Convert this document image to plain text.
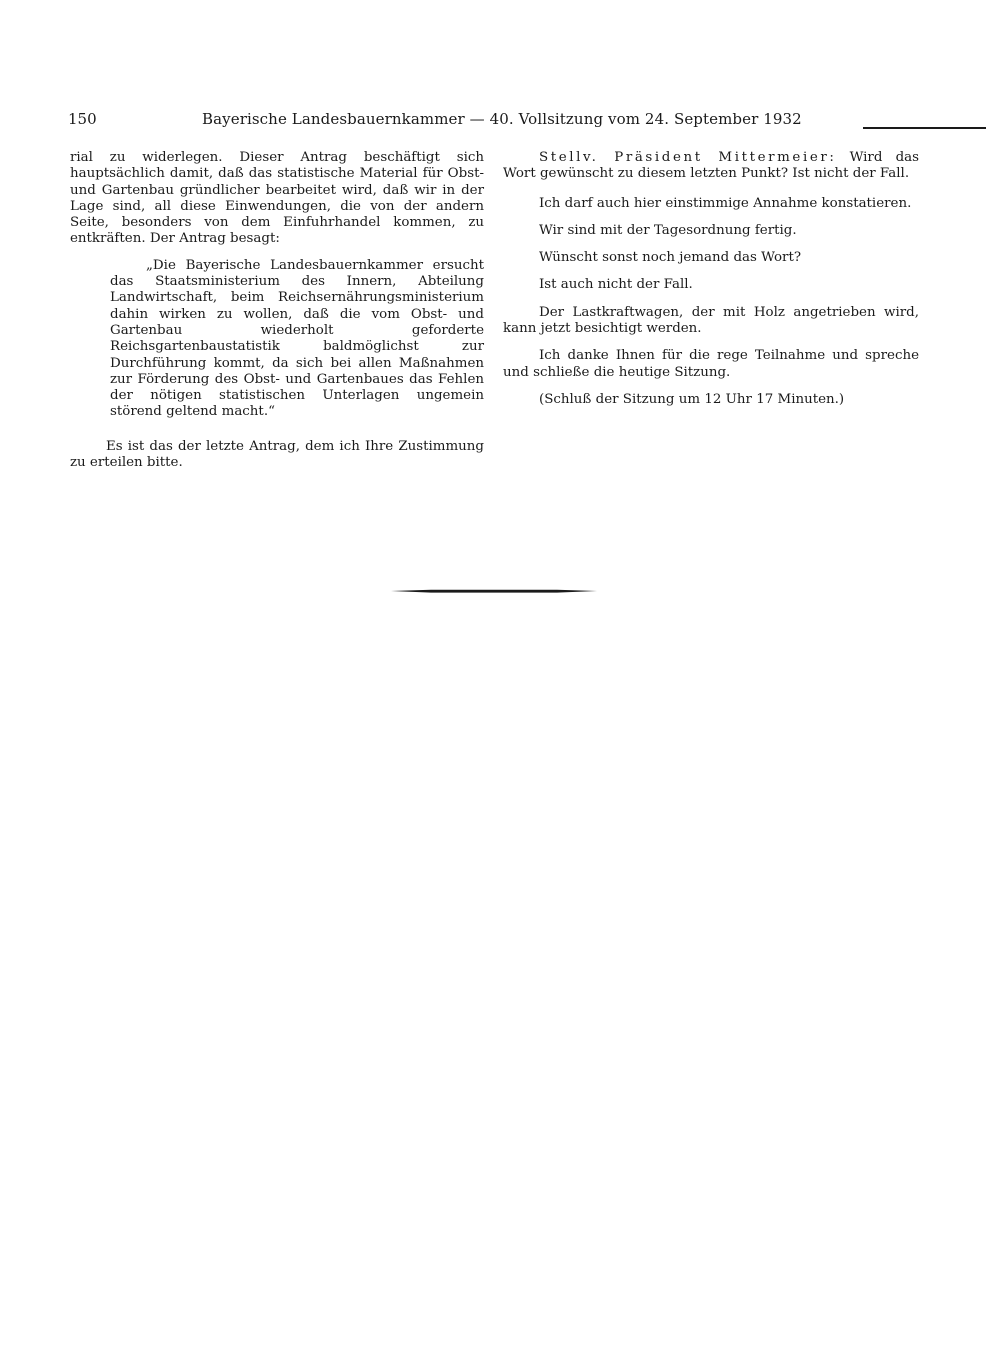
150	Bayerische Landesbauernkammer — 40. Vollsitzung vom 24. September 1932

rial zu widerlegen. Dieser Antrag beschäftigt sich hauptsächlich damit, daß das statistische Material für Obst- und Gartenbau gründlicher bearbeitet wird, daß wir in der Lage sind, all diese Einwendungen, die von der andern Seite, besonders von dem Einfuhrhandel kommen, zu entkräften. Der Antrag besagt:

„Die Bayerische Landesbauernkammer ersucht das Staatsministerium des Innern, Abteilung Landwirtschaft, beim Reichsernährungsministerium dahin wirken zu wollen, daß die vom Obst- und Gartenbau wiederholt geforderte Reichsgartenbaustatistik baldmöglichst zur Durchführung kommt, da sich bei allen Maßnahmen zur Förderung des Obst- und Gartenbaues das Fehlen der nötigen statistischen Unterlagen ungemein störend geltend macht.“

Es ist das der letzte Antrag, dem ich Ihre Zustimmung zu erteilen bitte.

Stellv. Präsident Mittermeier: Wird das Wort gewünscht zu diesem letzten Punkt? Ist nicht der Fall.

Ich darf auch hier einstimmige Annahme konstatieren.

Wir sind mit der Tagesordnung fertig.

Wünscht sonst noch jemand das Wort?

Ist auch nicht der Fall.

Der Lastkraftwagen, der mit Holz angetrieben wird, kann jetzt besichtigt werden.

Ich danke Ihnen für die rege Teilnahme und spreche und schließe die heutige Sitzung.

(Schluß der Sitzung um 12 Uhr 17 Minuten.)
